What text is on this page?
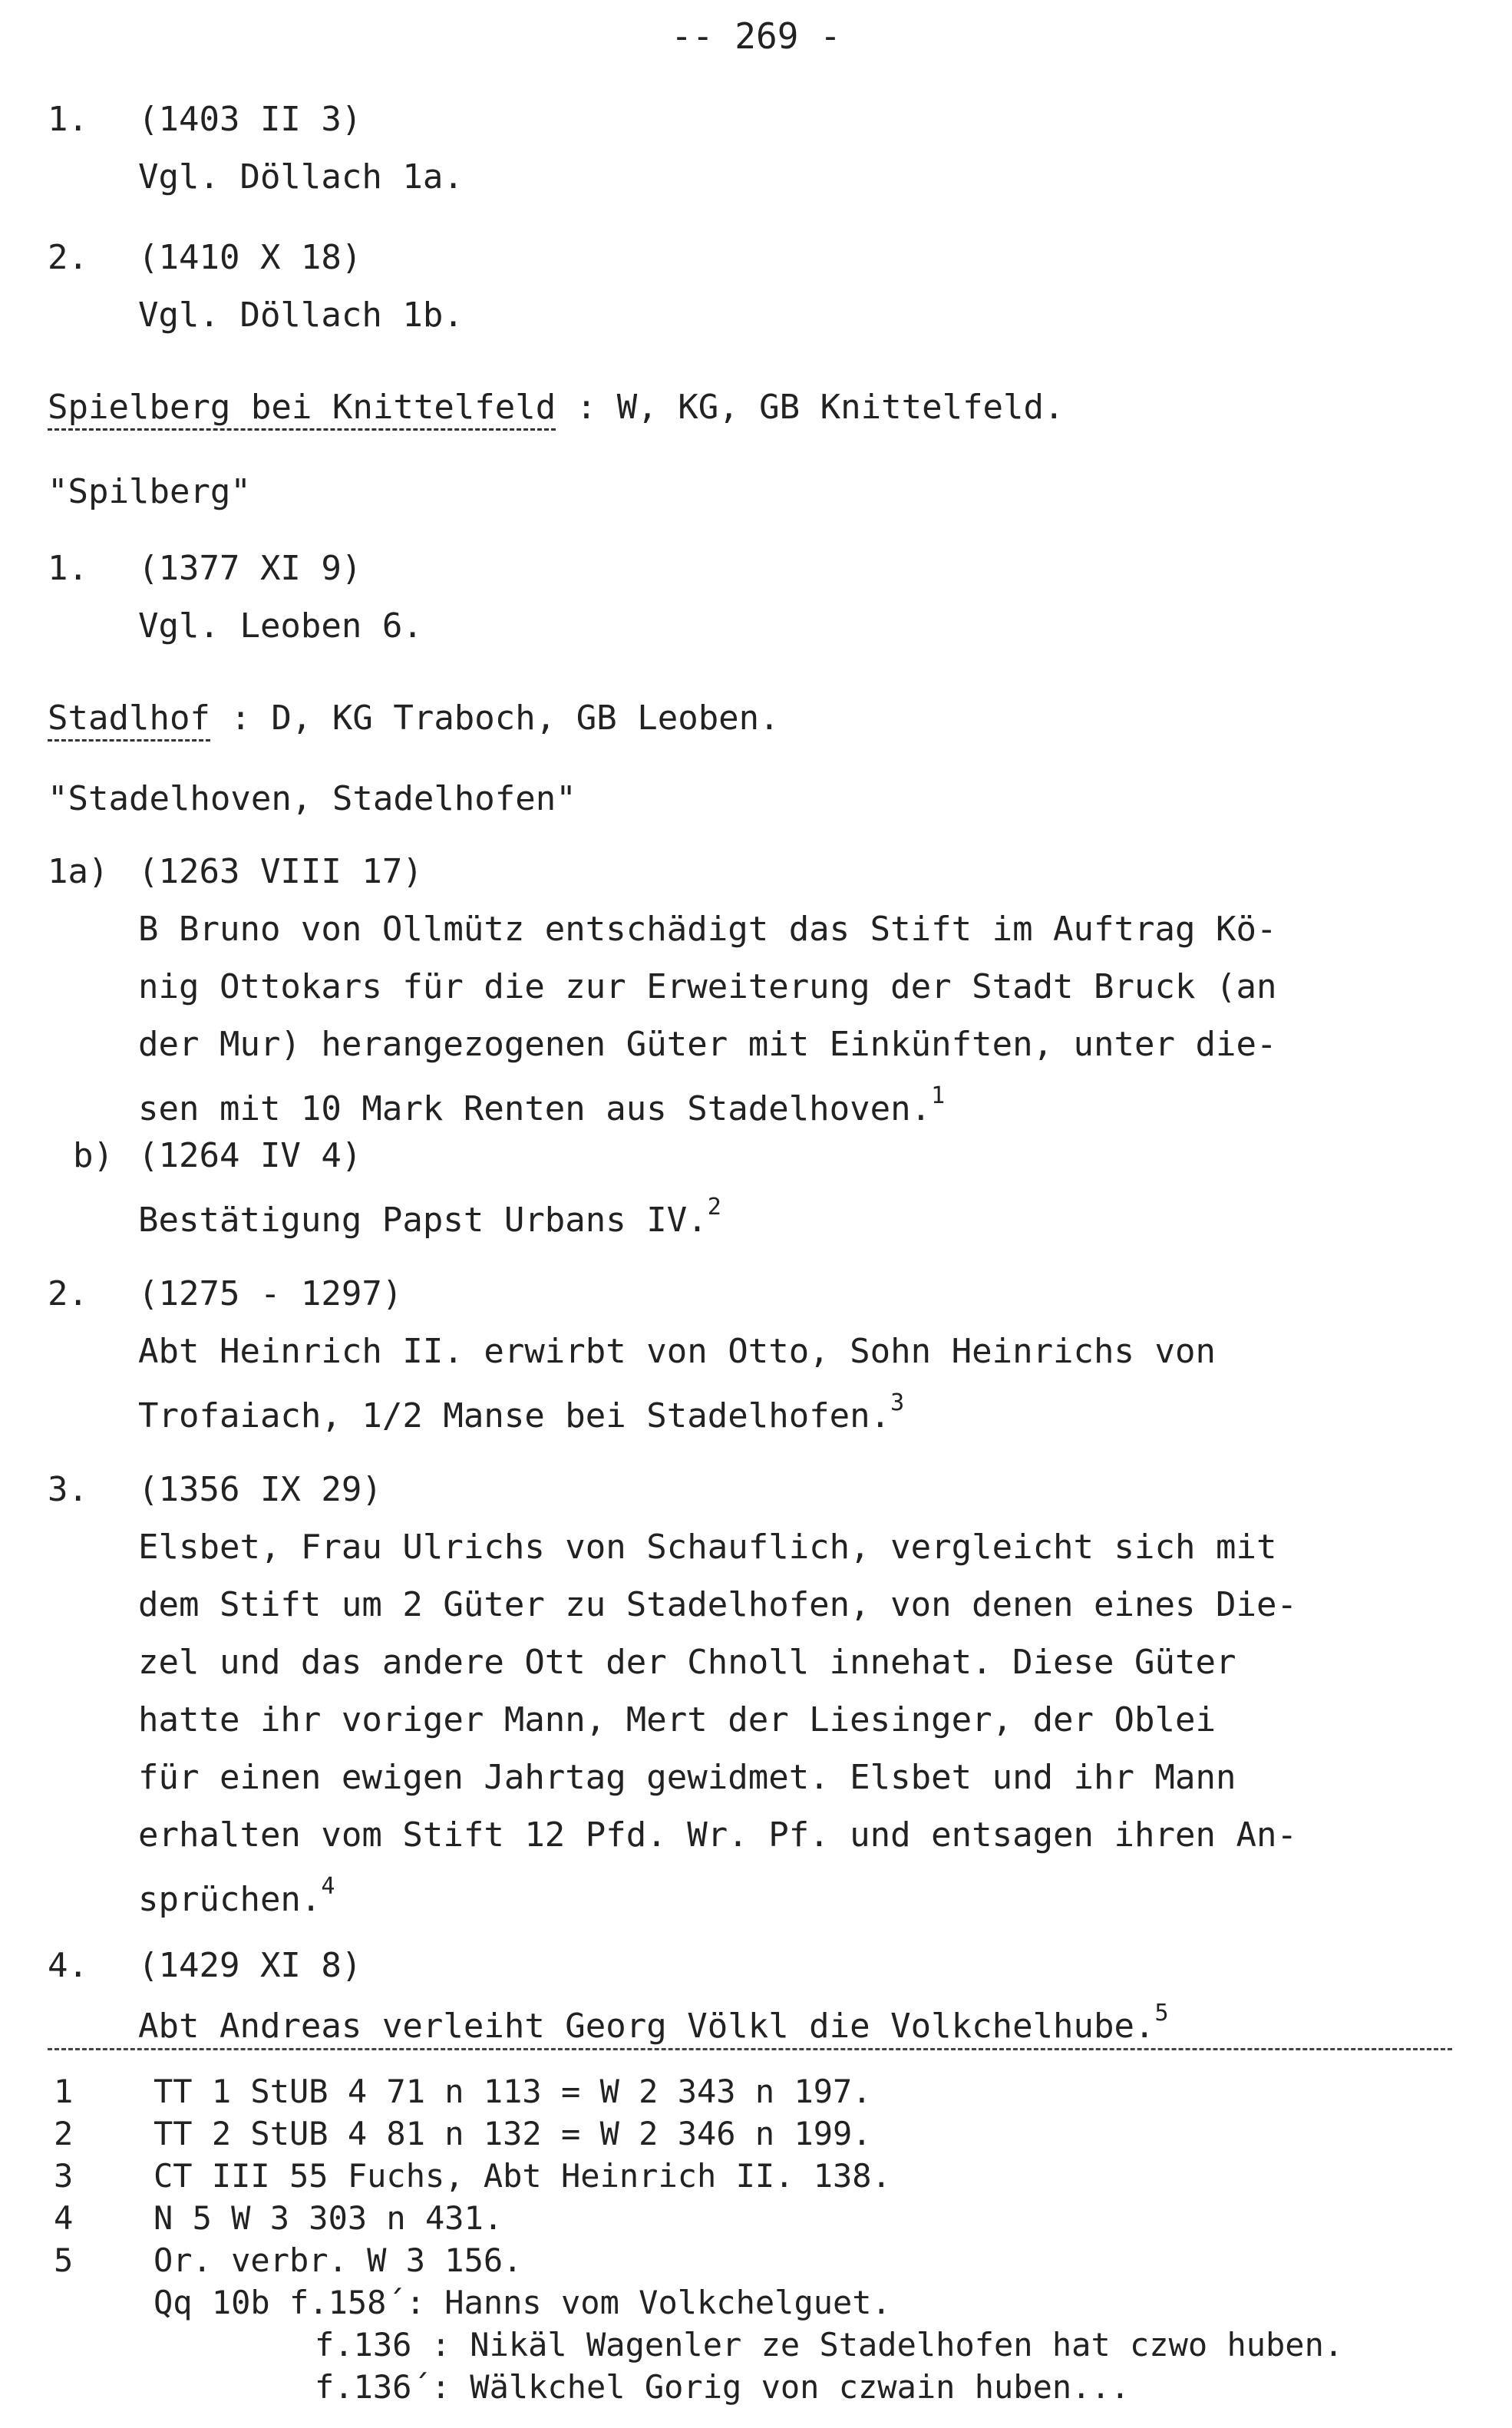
-- 269 -
1. (1403 II 3)
Vgl. Döllach 1a.
2. (1410 X 18)
Vgl. Döllach 1b.
Spielberg bei Knittelfeld : W, KG, GB Knittelfeld.
"Spilberg"
1. (1377 XI 9)
Vgl. Leoben 6.
Stadlhof : D, KG Traboch, GB Leoben.
"Stadelhoven, Stadelhofen"
1a) (1263 VIII 17)
B Bruno von Ollmütz entschädigt das Stift im Auftrag Kö-
nig Ottokars für die zur Erweiterung der Stadt Bruck (an
der Mur) herangezogenen Güter mit Einkünften, unter die-
sen mit 10 Mark Renten aus Stadelhoven.$^1$
b) (1264 IV 4)
Bestätigung Papst Urbans IV.$^2$
2. (1275 - 1297)
Abt Heinrich II. erwirbt von Otto, Sohn Heinrichs von
Trofaiach, 1/2 Manse bei Stadelhofen.$^3$
3. (1356 IX 29)
Elsbet, Frau Ulrichs von Schauflich, vergleicht sich mit
dem Stift um 2 Güter zu Stadelhofen, von denen eines Die-
zel und das andere Ott der Chnoll innehat. Diese Güter
hatte ihr voriger Mann, Mert der Liesinger, der Oblei
für einen ewigen Jahrtag gewidmet. Elsbet und ihr Mann
erhalten vom Stift 12 Pfd. Wr. Pf. und entsagen ihren An-
sprüchen.$^4$
4. (1429 XI 8)
Abt Andreas verleiht Georg Völkl die Volkchelhube.$^5$
1 TT 1 StUB 4 71 n 113 = W 2 343 n 197.
2 TT 2 StUB 4 81 n 132 = W 2 346 n 199.
3 CT III 55 Fuchs, Abt Heinrich II. 138.
4 N 5 W 3 303 n 431.
5 Or. verbr. W 3 156.
Qq 10b f.158´: Hanns vom Volkchelguet.
f.136 : Nikäl Wagenler ze Stadelhofen hat czwo huben.
f.136´: Wälkchel Gorig von czwain huben...
